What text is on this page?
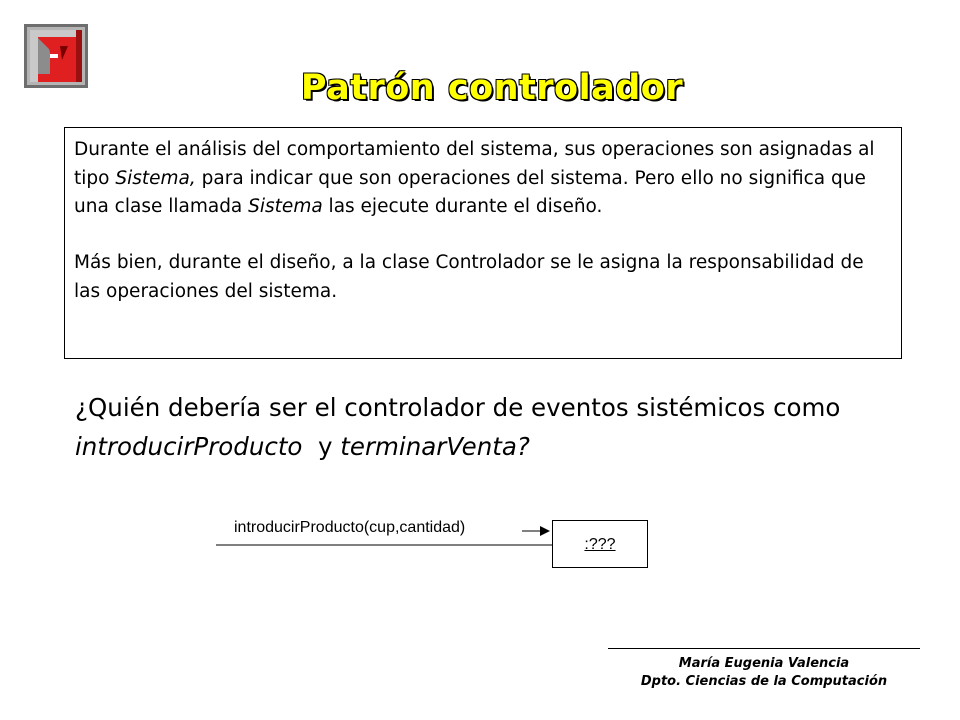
Patrón controlador

Durante el análisis del comportamiento del sistema, sus operaciones son asignadas al tipo Sistema, para indicar que son operaciones del sistema. Pero ello no significa que una clase llamada Sistema las ejecute durante el diseño.

Más bien, durante el diseño, a la clase Controlador se le asigna la responsabilidad de las operaciones del sistema.

¿Quién debería ser el controlador de eventos sistémicos como introducirProducto  y terminarVenta?
introducirProducto(cup,cantidad)
:???
María Eugenia Valencia
Dpto. Ciencias de la Computación
